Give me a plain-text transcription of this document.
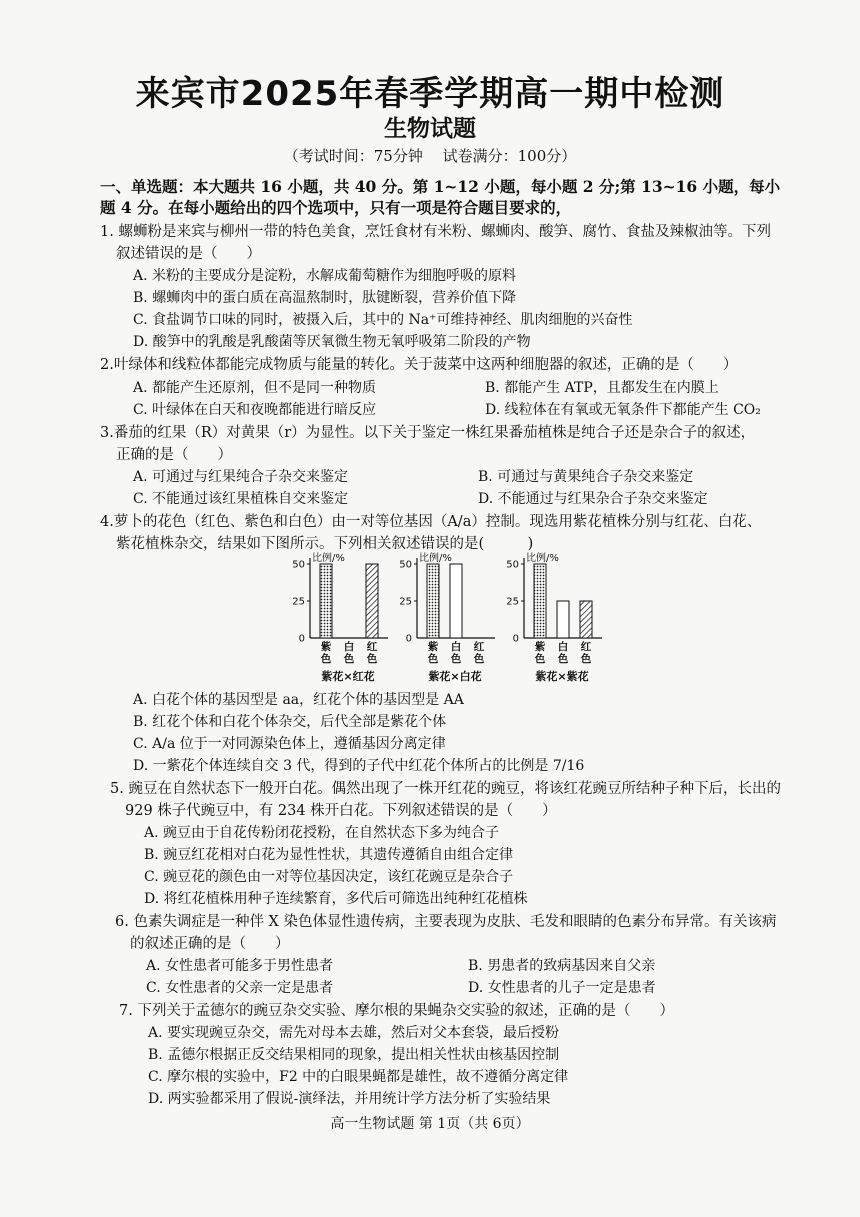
来宾市2025年春季学期高一期中检测
生物试题
（考试时间：75分钟　 试卷满分：100分）
一、单选题：本大题共 16 小题，共 40 分。第 1~12 小题，每小题 2 分;第 13~16 小题，每小
题 4 分。在每小题给出的四个选项中，只有一项是符合题目要求的，
1. 螺蛳粉是来宾与柳州一带的特色美食，烹饪食材有米粉、螺蛳肉、酸笋、腐竹、食盐及辣椒油等。下列
叙述错误的是（　　）
A. 米粉的主要成分是淀粉，水解成葡萄糖作为细胞呼吸的原料
B. 螺蛳肉中的蛋白质在高温熬制时，肽键断裂，营养价值下降
C. 食盐调节口味的同时，被摄入后，其中的 Na⁺可维持神经、肌肉细胞的兴奋性
D. 酸笋中的乳酸是乳酸菌等厌氧微生物无氧呼吸第二阶段的产物
2.叶绿体和线粒体都能完成物质与能量的转化。关于菠菜中这两种细胞器的叙述，正确的是（　　）
A. 都能产生还原剂，但不是同一种物质	B. 都能产生 ATP，且都发生在内膜上
C. 叶绿体在白天和夜晚都能进行暗反应	D. 线粒体在有氧或无氧条件下都能产生 CO₂
3.番茄的红果（R）对黄果（r）为显性。以下关于鉴定一株红果番茄植株是纯合子还是杂合子的叙述，
正确的是（　　）
A. 可通过与红果纯合子杂交来鉴定	B. 可通过与黄果纯合子杂交来鉴定
C. 不能通过该红果植株自交来鉴定	D. 不能通过与红果杂合子杂交来鉴定
4.萝卜的花色（红色、紫色和白色）由一对等位基因（A/a）控制。现选用紫花植株分别与红花、白花、
紫花植株杂交，结果如下图所示。下列相关叙述错误的是(　　　)
比例/%
0
25
50
紫
色
白
色
红
色
紫花×红花
比例/%
0
25
50
紫
色
白
色
红
色
紫花×白花
比例/%
0
25
50
紫
色
白
色
红
色
紫花×紫花
A. 白花个体的基因型是 aa，红花个体的基因型是 AA
B. 红花个体和白花个体杂交，后代全部是紫花个体
C. A/a 位于一对同源染色体上，遵循基因分离定律
D. 一紫花个体连续自交 3 代，得到的子代中红花个体所占的比例是 7/16
5. 豌豆在自然状态下一般开白花。偶然出现了一株开红花的豌豆，将该红花豌豆所结种子种下后，长出的
929 株子代豌豆中，有 234 株开白花。下列叙述错误的是（　　）
A. 豌豆由于自花传粉闭花授粉，在自然状态下多为纯合子
B. 豌豆红花相对白花为显性性状，其遗传遵循自由组合定律
C. 豌豆花的颜色由一对等位基因决定，该红花豌豆是杂合子
D. 将红花植株用种子连续繁育，多代后可筛选出纯种红花植株
6. 色素失调症是一种伴 X 染色体显性遗传病，主要表现为皮肤、毛发和眼睛的色素分布异常。有关该病
的叙述正确的是（　　）
A. 女性患者可能多于男性患者	B. 男患者的致病基因来自父亲
C. 女性患者的父亲一定是患者	D. 女性患者的儿子一定是患者
7. 下列关于孟德尔的豌豆杂交实验、摩尔根的果蝇杂交实验的叙述，正确的是（　　）
A. 要实现豌豆杂交，需先对母本去雄，然后对父本套袋，最后授粉
B. 孟德尔根据正反交结果相同的现象，提出相关性状由核基因控制
C. 摩尔根的实验中，F2 中的白眼果蝇都是雄性，故不遵循分离定律
D. 两实验都采用了假说-演绎法，并用统计学方法分析了实验结果
高一生物试题 第 1页（共 6页）
